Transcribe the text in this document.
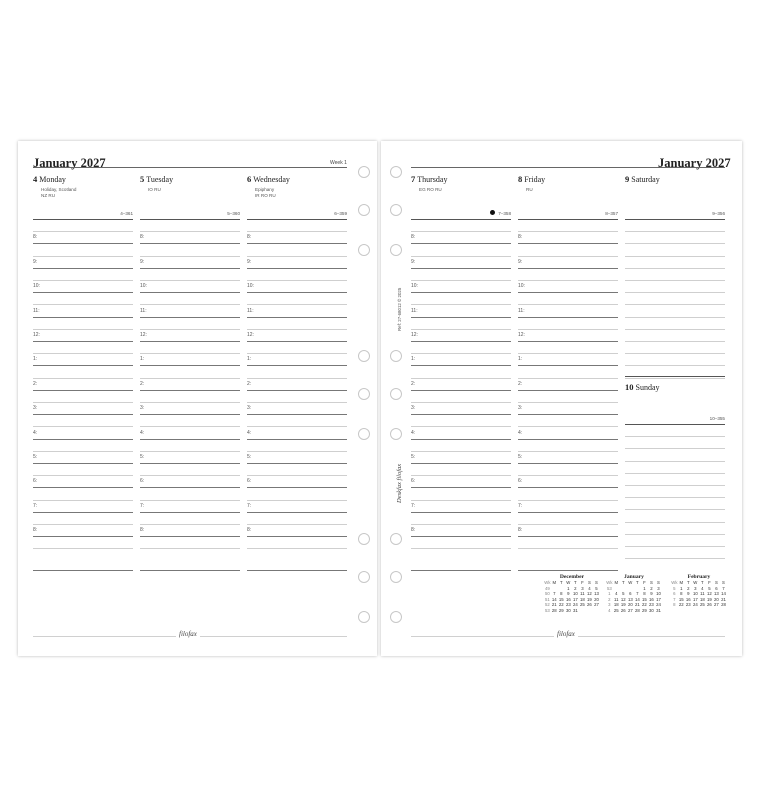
January 2027	Week 1
4 Monday
Holiday, Scotland
NZ RU
4–361
8:
9:
10:
11:
12:
1:
2:
3:
4:
5:
6:
7:
8:
5 Tuesday
IO RU
5–360
8:
9:
10:
11:
12:
1:
2:
3:
4:
5:
6:
7:
8:
6 Wednesday
Epiphany
IR RO RU
6–359
8:
9:
10:
11:
12:
1:
2:
3:
4:
5:
6:
7:
8:
filofax
January 2027
7 Thursday
EG RO RU
7–358
8:
9:
10:
11:
12:
1:
2:
3:
4:
5:
6:
7:
8:
8 Friday
RU
8–357
8:
9:
10:
11:
12:
1:
2:
3:
4:
5:
6:
7:
8:
9 Saturday
9–356
10 Sunday
10–355
Ref: 27-68012 © 2025
Deskfax filofax
filofax
December
Wk	M	T	W	T	F	S	S
49			1	2	3	4	5
50	7	8	9	10	11	12	13
51	14	15	16	17	18	19	20
52	21	22	23	24	25	26	27
53	28	29	30	31			
January
Wk	M	T	W	T	F	S	S
53					1	2	3
1	4	5	6	7	8	9	10
2	11	12	13	14	15	16	17
3	18	19	20	21	22	23	24
4	25	26	27	28	29	30	31
February
Wk	M	T	W	T	F	S	S
5	1	2	3	4	5	6	7
6	8	9	10	11	12	13	14
7	15	16	17	18	19	20	21
8	22	23	24	25	26	27	28
